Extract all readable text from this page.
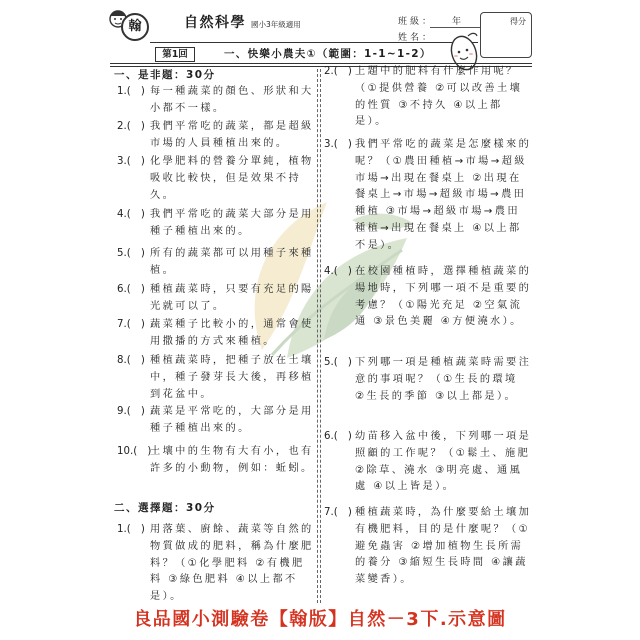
翰	自然科學 國小3年級適用	班級： 年
姓名：
得分
第1回	一、快樂小農夫①（範圍：1-1~1-2）
一、是非題：30分
1.(　) 每一種蔬菜的顏色、形狀和大小都不一樣。
2.(　) 我們平常吃的蔬菜，都是超級市場的人員種植出來的。
3.(　) 化學肥料的營養分單純，植物吸收比較快，但是效果不持久。
4.(　) 我們平常吃的蔬菜大部分是用種子種植出來的。
5.(　) 所有的蔬菜都可以用種子來種植。
6.(　) 種植蔬菜時，只要有充足的陽光就可以了。
7.(　) 蔬菜種子比較小的，通常會使用撒播的方式來種植。
8.(　) 種植蔬菜時，把種子放在土壤中，種子發芽長大後，再移植到花盆中。
9.(　) 蔬菜是平常吃的，大部分是用種子種植出來的。
10.(　)
土壤中的生物有大有小，也有許多的小動物，例如：蚯蚓。
二、選擇題：30分
1.(　) 用落葉、廚餘、蔬菜等自然的物質做成的肥料，稱為什麼肥料？（①化學肥料 ②有機肥料 ③綠色肥料 ④以上都不是）。
2.(　) 上題中的肥料有什麼作用呢？（①提供營養 ②可以改善土壤的性質 ③不持久 ④以上都是）。
3.(　) 我們平常吃的蔬菜是怎麼樣來的呢？（①農田種植→市場→超級市場→出現在餐桌上 ②出現在餐桌上→市場→超級市場→農田種植 ③市場→超級市場→農田種植→出現在餐桌上 ④以上都不是）。
4.(　) 在校園種植時，選擇種植蔬菜的場地時，下列哪一項不是重要的考慮？（①陽光充足 ②空氣流通 ③景色美麗 ④方便澆水）。
5.(　) 下列哪一項是種植蔬菜時需要注意的事項呢？（①生長的環境 ②生長的季節 ③以上都是）。
6.(　) 幼苗移入盆中後，下列哪一項是照顧的工作呢？（①鬆土、施肥 ②除草、澆水 ③明亮處、通風處 ④以上皆是）。
7.(　) 種植蔬菜時，為什麼要給土壤加有機肥料，目的是什麼呢？（①避免蟲害 ②增加植物生長所需的養分 ③縮短生長時間 ④讓蔬菜變香）。
良品國小測驗卷【翰版】自然－3下.示意圖
